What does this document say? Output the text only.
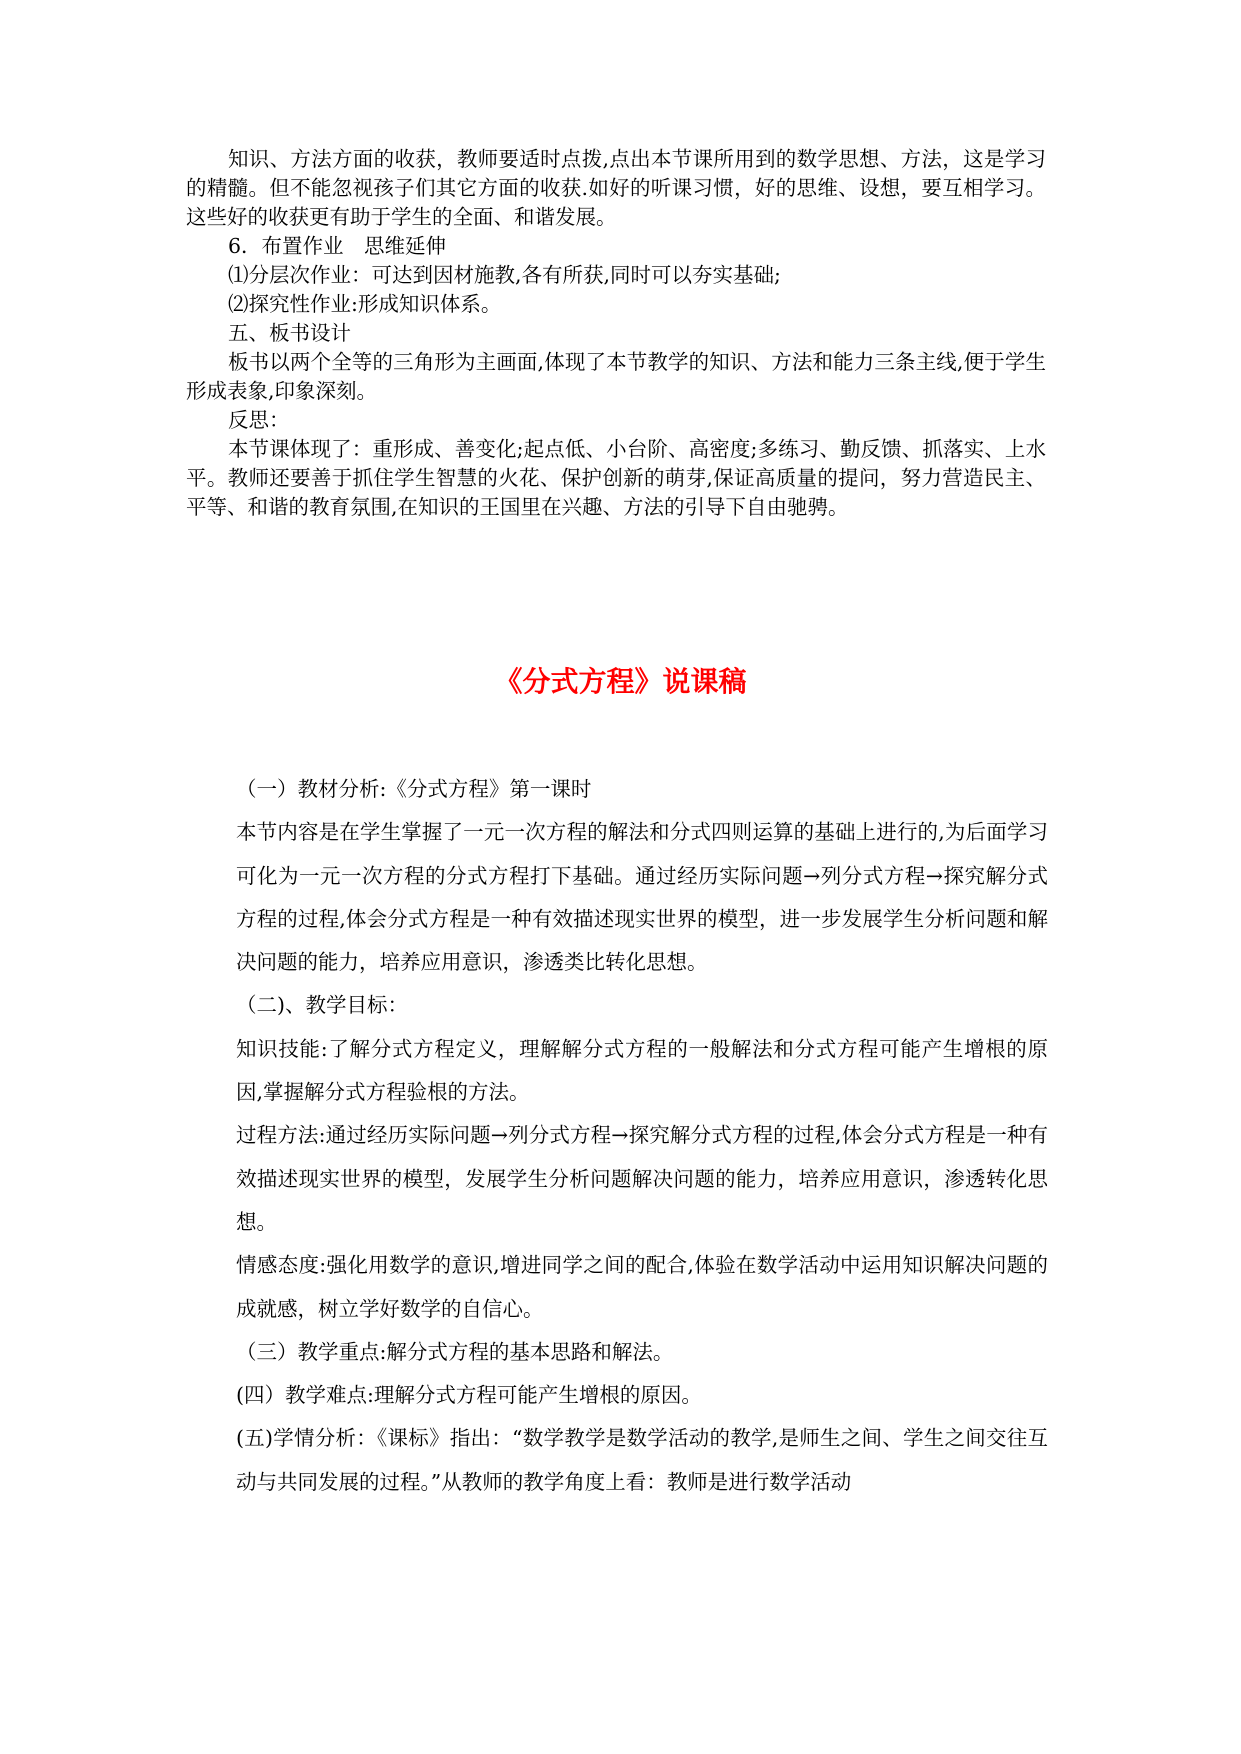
知识、方法方面的收获，教师要适时点拨,点出本节课所用到的数学思想、方法，这是学习的精髓。但不能忽视孩子们其它方面的收获.如好的听课习惯，好的思维、设想，要互相学习。这些好的收获更有助于学生的全面、和谐发展。

6．布置作业　思维延伸

⑴分层次作业：可达到因材施教,各有所获,同时可以夯实基础;

⑵探究性作业:形成知识体系。

五、板书设计

板书以两个全等的三角形为主画面,体现了本节教学的知识、方法和能力三条主线,便于学生形成表象,印象深刻。

反思：

本节课体现了：重形成、善变化;起点低、小台阶、高密度;多练习、勤反馈、抓落实、上水平。教师还要善于抓住学生智慧的火花、保护创新的萌芽,保证高质量的提问，努力营造民主、平等、和谐的教育氛围,在知识的王国里在兴趣、方法的引导下自由驰骋。

《分式方程》说课稿

（一）教材分析:《分式方程》第一课时

本节内容是在学生掌握了一元一次方程的解法和分式四则运算的基础上进行的,为后面学习可化为一元一次方程的分式方程打下基础。通过经历实际问题→列分式方程→探究解分式方程的过程,体会分式方程是一种有效描述现实世界的模型，进一步发展学生分析问题和解决问题的能力，培养应用意识，渗透类比转化思想。

（二)、教学目标：

知识技能:了解分式方程定义，理解解分式方程的一般解法和分式方程可能产生增根的原因,掌握解分式方程验根的方法。

过程方法:通过经历实际问题→列分式方程→探究解分式方程的过程,体会分式方程是一种有效描述现实世界的模型，发展学生分析问题解决问题的能力，培养应用意识，渗透转化思想。

情感态度:强化用数学的意识,增进同学之间的配合,体验在数学活动中运用知识解决问题的成就感，树立学好数学的自信心。

（三）教学重点:解分式方程的基本思路和解法。

(四）教学难点:理解分式方程可能产生增根的原因。

(五)学情分析：《课标》指出：“数学教学是数学活动的教学,是师生之间、学生之间交往互动与共同发展的过程。”从教师的教学角度上看：教师是进行数学活动
